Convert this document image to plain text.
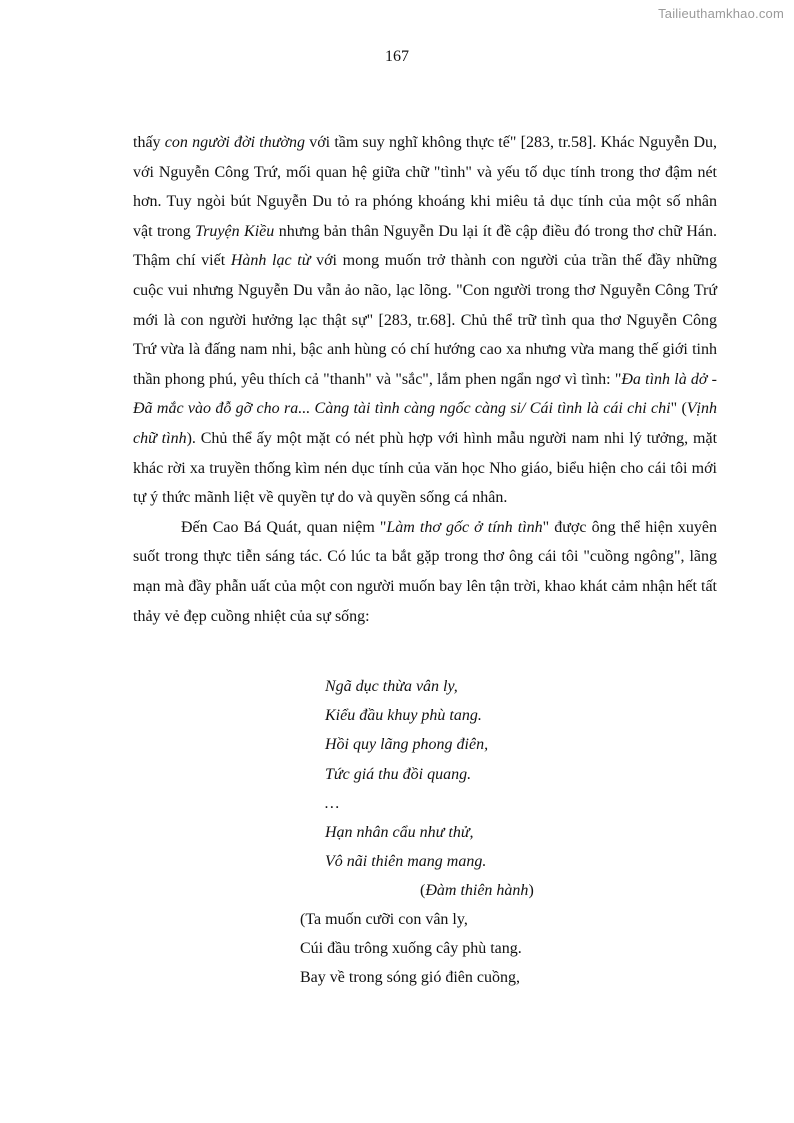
Tailieuthamkhao.com
167

thấy con người đời thường với tầm suy nghĩ không thực tế" [283, tr.58]. Khác Nguyễn Du, với Nguyễn Công Trứ, mối quan hệ giữa chữ "tình" và yếu tố dục tính trong thơ đậm nét hơn. Tuy ngòi bút Nguyễn Du tỏ ra phóng khoáng khi miêu tả dục tính của một số nhân vật trong Truyện Kiều nhưng bản thân Nguyễn Du lại ít đề cập điều đó trong thơ chữ Hán. Thậm chí viết Hành lạc từ với mong muốn trở thành con người của trần thế đầy những cuộc vui nhưng Nguyễn Du vẫn ảo não, lạc lõng. "Con người trong thơ Nguyễn Công Trứ mới là con người hưởng lạc thật sự" [283, tr.68]. Chủ thể trữ tình qua thơ Nguyễn Công Trứ vừa là đấng nam nhi, bậc anh hùng có chí hướng cao xa nhưng vừa mang thế giới tinh thần phong phú, yêu thích cả "thanh" và "sắc", lắm phen ngẩn ngơ vì tình: "Đa tình là dở - Đã mắc vào đỗ gỡ cho ra... Càng tài tình càng ngốc càng si/ Cái tình là cái chi chi" (Vịnh chữ tình). Chủ thể ấy một mặt có nét phù hợp với hình mẫu người nam nhi lý tưởng, mặt khác rời xa truyền thống kìm nén dục tính của văn học Nho giáo, biểu hiện cho cái tôi mới tự ý thức mãnh liệt về quyền tự do và quyền sống cá nhân.

Đến Cao Bá Quát, quan niệm "Làm thơ gốc ở tính tình" được ông thể hiện xuyên suốt trong thực tiễn sáng tác. Có lúc ta bắt gặp trong thơ ông cái tôi "cuồng ngông", lãng mạn mà đầy phẫn uất của một con người muốn bay lên tận trời, khao khát cảm nhận hết tất thảy vẻ đẹp cuồng nhiệt của sự sống:

Ngã dục thừa vân ly,
Kiểu đầu khuy phù tang.
Hồi quy lãng phong điên,
Tức giá thu đồi quang.
…
Hạn nhân cẩu như thử,
Vô nãi thiên mang mang.
(Đàm thiên hành)
(Ta muốn cưỡi con vân ly,
Cúi đầu trông xuống cây phù tang.
Bay về trong sóng gió điên cuồng,
